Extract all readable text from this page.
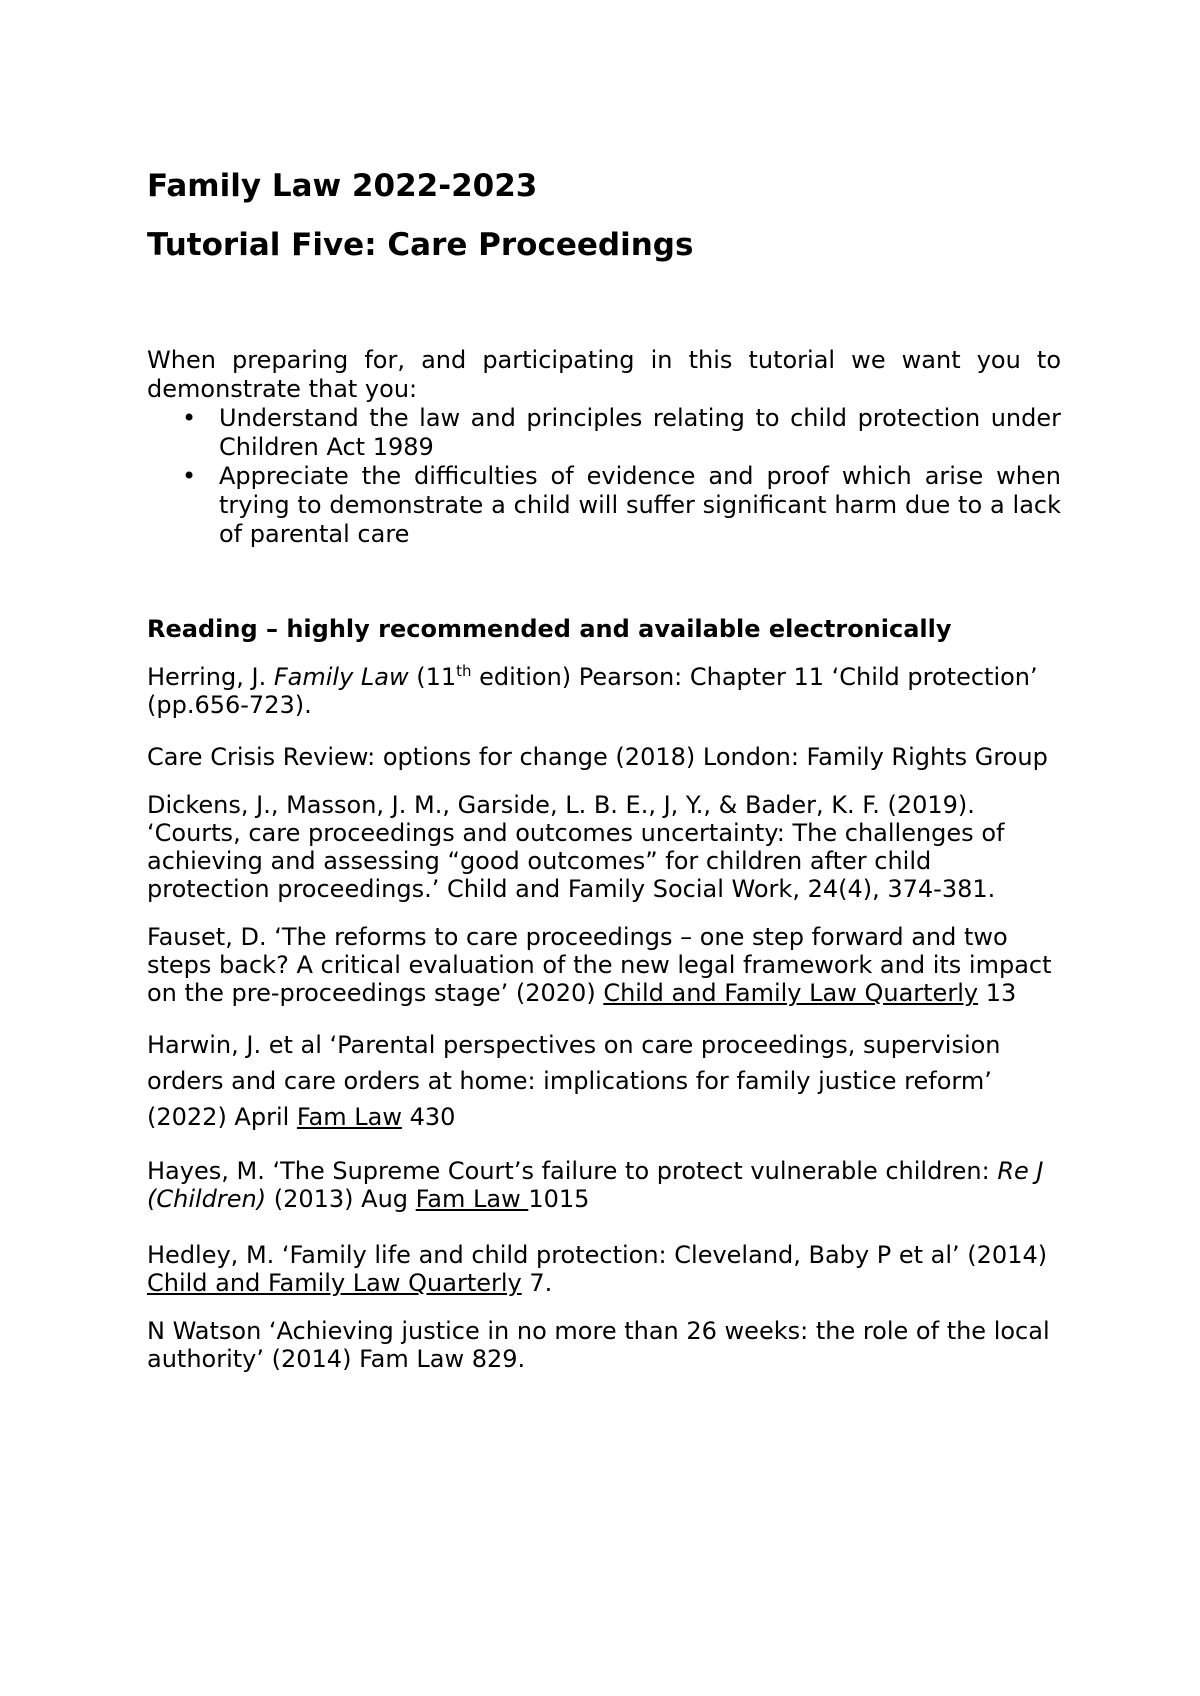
Family Law 2022-2023
Tutorial Five: Care Proceedings

When preparing for, and participating in this tutorial we want you to demonstrate that you:

• Understand the law and principles relating to child protection under Children Act 1989
• Appreciate the difficulties of evidence and proof which arise when trying to demonstrate a child will suffer significant harm due to a lack of parental care

Reading – highly recommended and available electronically

Herring, J. Family Law (11th edition) Pearson: Chapter 11 ‘Child protection’ (pp.656-723).

Care Crisis Review: options for change (2018) London: Family Rights Group

Dickens, J., Masson, J. M., Garside, L. B. E., J, Y., & Bader, K. F. (2019). ‘Courts, care proceedings and outcomes uncertainty: The challenges of achieving and assessing “good outcomes” for children after child protection proceedings.’ Child and Family Social Work, 24(4), 374-381.

Fauset, D. ‘The reforms to care proceedings – one step forward and two steps back? A critical evaluation of the new legal framework and its impact on the pre-proceedings stage’ (2020) Child and Family Law Quarterly 13

Harwin, J. et al ‘Parental perspectives on care proceedings, supervision orders and care orders at home: implications for family justice reform’ (2022) April Fam Law 430

Hayes, M. ‘The Supreme Court’s failure to protect vulnerable children: Re J (Children) (2013) Aug Fam Law 1015

Hedley, M. ‘Family life and child protection: Cleveland, Baby P et al’ (2014) Child and Family Law Quarterly 7.

N Watson ‘Achieving justice in no more than 26 weeks: the role of the local authority’ (2014) Fam Law 829.
